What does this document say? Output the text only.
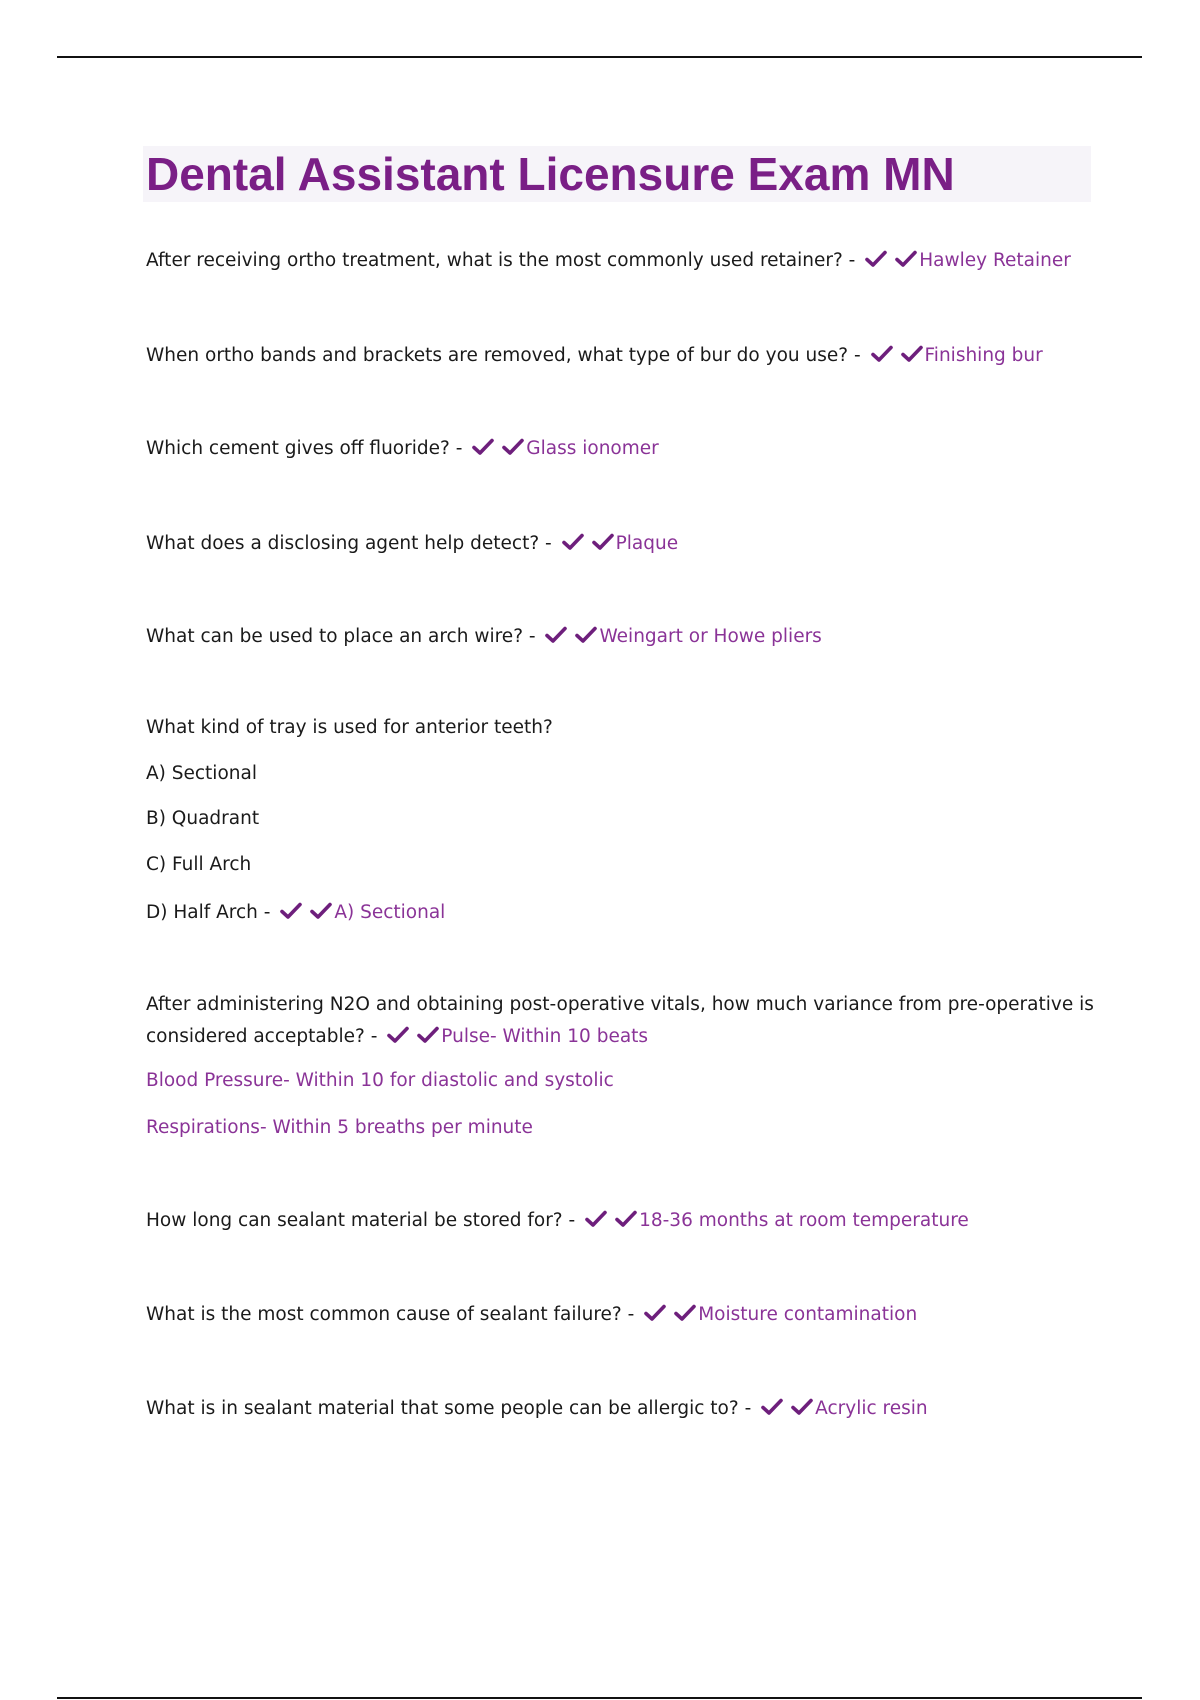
Dental Assistant Licensure Exam MN
After receiving ortho treatment, what is the most commonly used retainer? -	Hawley Retainer
When ortho bands and brackets are removed, what type of bur do you use? -	Finishing bur
Which cement gives off fluoride? -	Glass ionomer
What does a disclosing agent help detect? -	Plaque
What can be used to place an arch wire? -	Weingart or Howe pliers
What kind of tray is used for anterior teeth?
A) Sectional
B) Quadrant
C) Full Arch
D) Half Arch -	A) Sectional
After administering N2O and obtaining post-operative vitals, how much variance from pre-operative is
considered acceptable? -	Pulse- Within 10 beats
Blood Pressure- Within 10 for diastolic and systolic
Respirations- Within 5 breaths per minute
How long can sealant material be stored for? -	18-36 months at room temperature
What is the most common cause of sealant failure? -	Moisture contamination
What is in sealant material that some people can be allergic to? -	Acrylic resin
